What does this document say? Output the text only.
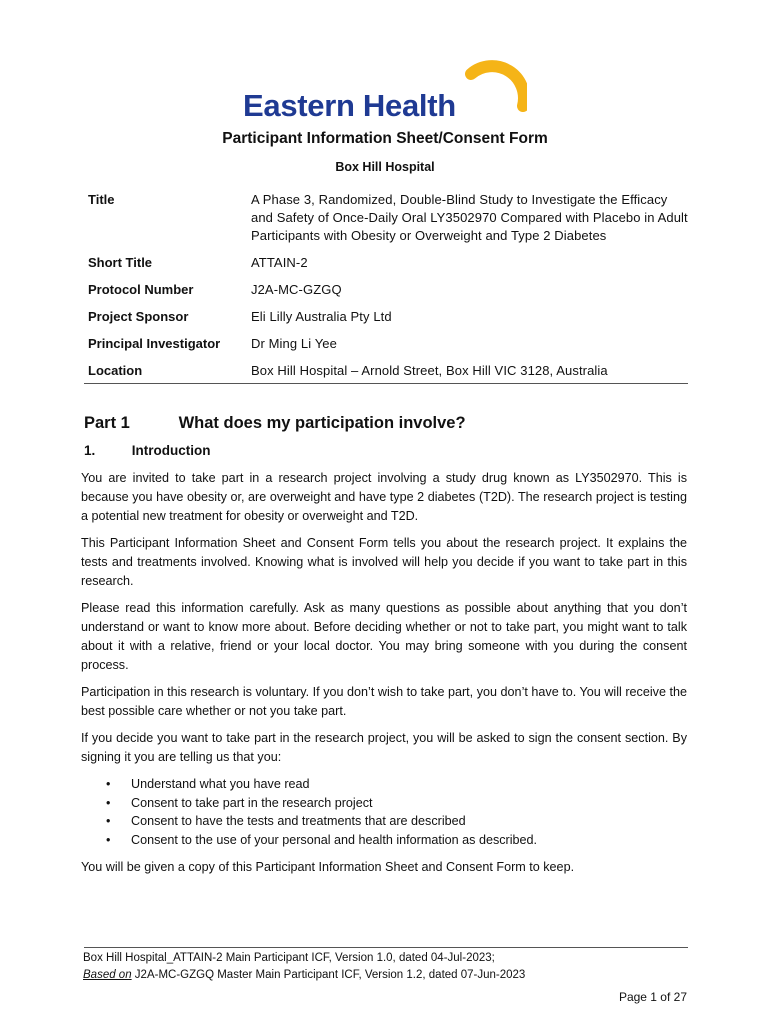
Eastern Health
Participant Information Sheet/Consent Form
Box Hill Hospital
Title	A Phase 3, Randomized, Double-Blind Study to Investigate the Efficacy and Safety of Once-Daily Oral LY3502970 Compared with Placebo in Adult Participants with Obesity or Overweight and Type 2 Diabetes
Short Title	ATTAIN-2
Protocol Number	J2A-MC-GZGQ
Project Sponsor	Eli Lilly Australia Pty Ltd
Principal Investigator	Dr Ming Li Yee
Location	Box Hill Hospital – Arnold Street, Box Hill VIC 3128, Australia
Part 1	What does my participation involve?
1.	Introduction

You are invited to take part in a research project involving a study drug known as LY3502970. This is because you have obesity or, are overweight and have type 2 diabetes (T2D). The research project is testing a potential new treatment for obesity or overweight and T2D.

This Participant Information Sheet and Consent Form tells you about the research project. It explains the tests and treatments involved. Knowing what is involved will help you decide if you want to take part in this research.

Please read this information carefully. Ask as many questions as possible about anything that you don’t understand or want to know more about. Before deciding whether or not to take part, you might want to talk about it with a relative, friend or your local doctor. You may bring someone with you during the consent process.

Participation in this research is voluntary. If you don’t wish to take part, you don’t have to. You will receive the best possible care whether or not you take part.

If you decide you want to take part in the research project, you will be asked to sign the consent section. By signing it you are telling us that you:

• Understand what you have read
• Consent to take part in the research project
• Consent to have the tests and treatments that are described
• Consent to the use of your personal and health information as described.
You will be given a copy of this Participant Information Sheet and Consent Form to keep.
Box Hill Hospital_ATTAIN-2 Main Participant ICF, Version 1.0, dated 04-Jul-2023;
Based on J2A-MC-GZGQ Master Main Participant ICF, Version 1.2, dated 07-Jun-2023
Page 1 of 27
